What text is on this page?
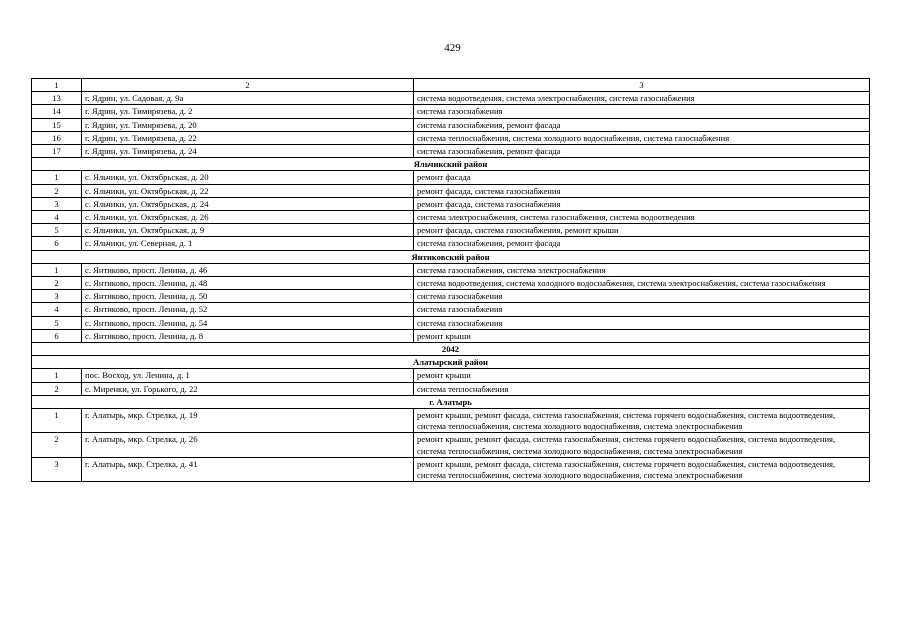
429
1	2	3
13	г. Ядрин, ул. Садовая, д. 9а	система водоотведения, система электроснабжения, система газоснабжения
14	г. Ядрин, ул. Тимирязева, д. 2	система газоснабжения
15	г. Ядрин, ул. Тимирязева, д. 20	система газоснабжения, ремонт фасада
16	г. Ядрин, ул. Тимирязева, д. 22	система теплоснабжения, система холодного водоснабжения, система газоснабжения
17	г. Ядрин, ул. Тимирязева, д. 24	система газоснабжения, ремонт фасада
Яльчикский район		
1	с. Яльчики, ул. Октябрьская, д. 20	ремонт фасада
2	с. Яльчики, ул. Октябрьская, д. 22	ремонт фасада, система газоснабжения
3	с. Яльчики, ул. Октябрьская, д. 24	ремонт фасада, система газоснабжения
4	с. Яльчики, ул. Октябрьская, д. 26	система электроснабжения, система газоснабжения, система водоотведения
5	с. Яльчики, ул. Октябрьская, д. 9	ремонт фасада, система газоснабжения, ремонт крыши
6	с. Яльчики, ул. Северная, д. 1	система газоснабжения, ремонт фасада
Янтиковский район		
1	с. Янтиково, просп. Ленина, д. 46	система газоснабжения, система электроснабжения
2	с. Янтиково, просп. Ленина, д. 48	система водоотведения, система холодного водоснабжения, система электроснабжения, система газоснабжения
3	с. Янтиково, просп. Ленина, д. 50	система газоснабжения
4	с. Янтиково, просп. Ленина, д. 52	система газоснабжения
5	с. Янтиково, просп. Ленина, д. 54	система газоснабжения
6	с. Янтиково, просп. Ленина, д. 8	ремонт крыши
2042		
Алатырский район		
1	пос. Восход, ул. Ленина, д. 1	ремонт крыши
2	с. Миренки, ул. Горького, д. 22	система теплоснабжения
г. Алатырь		
1	г. Алатырь, мкр. Стрелка, д. 19	ремонт крыши, ремонт фасада, система газоснабжения, система горячего водоснабжения, система водоотведения, система теплоснабжения, система холодного водоснабжения, система электроснабжения
2	г. Алатырь, мкр. Стрелка, д. 26	ремонт крыши, ремонт фасада, система газоснабжения, система горячего водоснабжения, система водоотведения, система теплоснабжения, система холодного водоснабжения, система электроснабжения
3	г. Алатырь, мкр. Стрелка, д. 41	ремонт крыши, ремонт фасада, система газоснабжения, система горячего водоснабжения, система водоотведения, система теплоснабжения, система холодного водоснабжения, система электроснабжения
